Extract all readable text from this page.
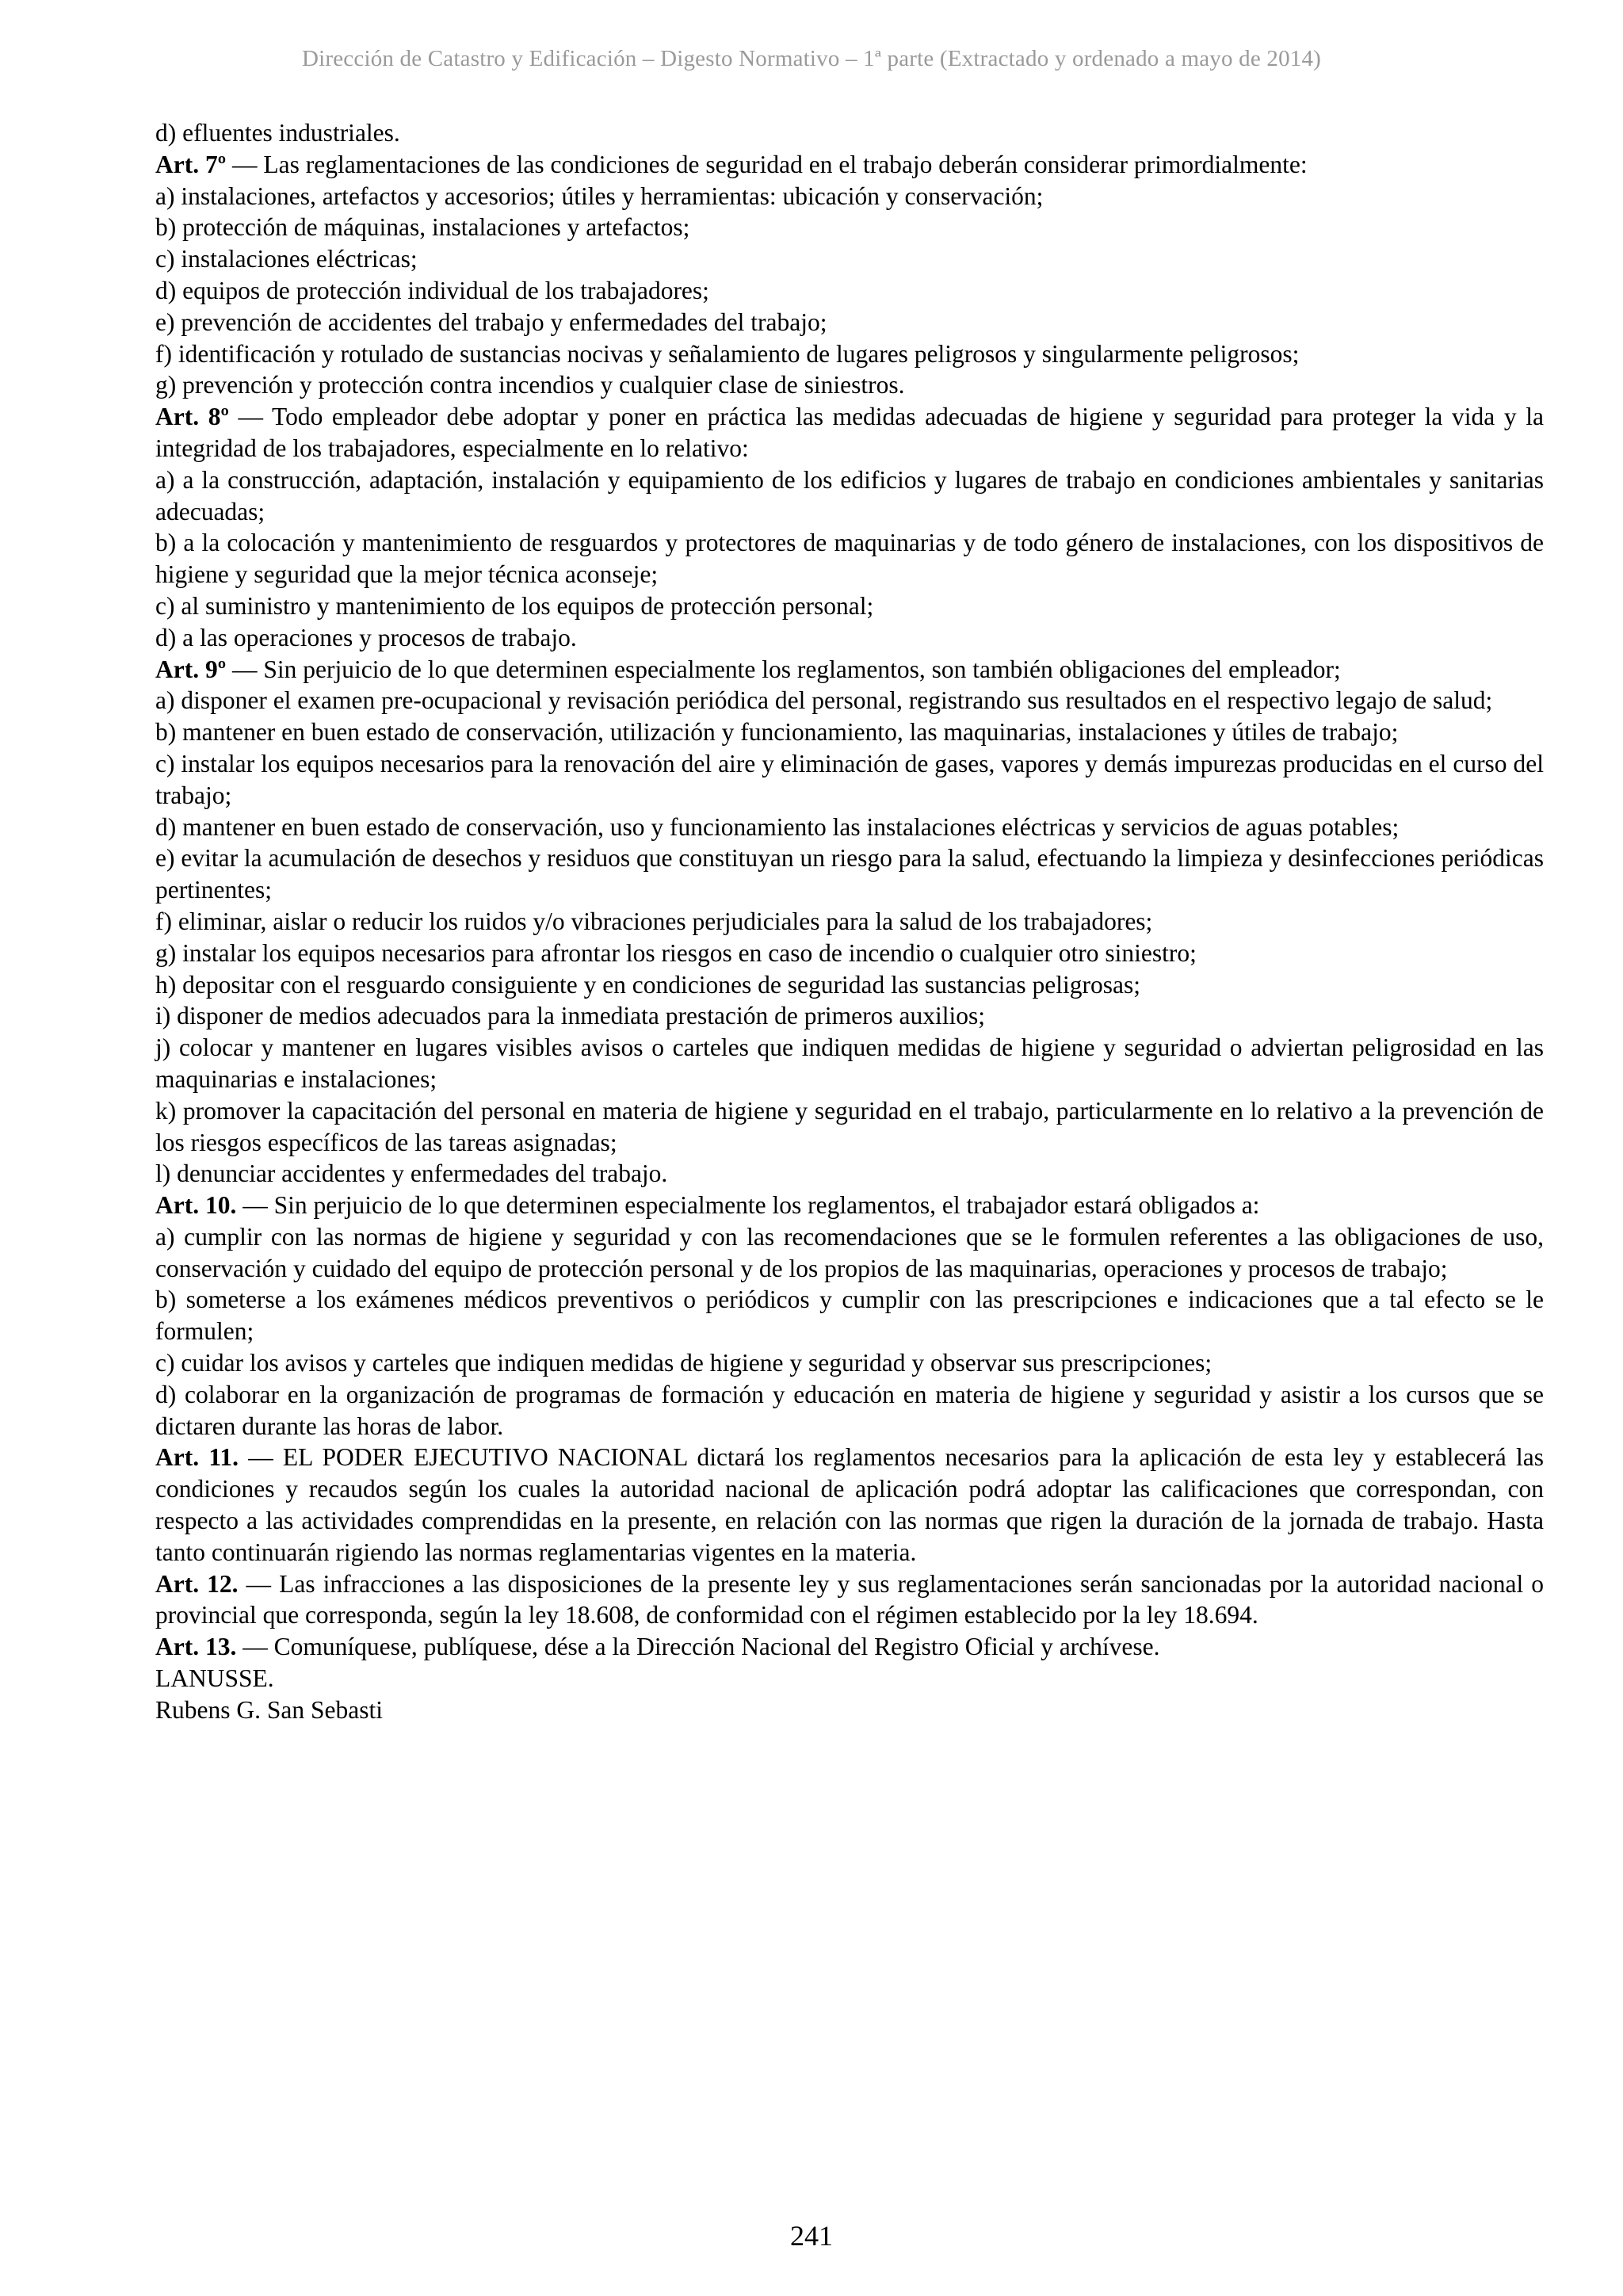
Dirección de Catastro y Edificación – Digesto Normativo – 1ª parte (Extractado y ordenado a mayo de 2014)

d) efluentes industriales.

Art. 7º — Las reglamentaciones de las condiciones de seguridad en el trabajo deberán considerar primordialmente:

a) instalaciones, artefactos y accesorios; útiles y herramientas: ubicación y conservación;

b) protección de máquinas, instalaciones y artefactos;

c) instalaciones eléctricas;

d) equipos de protección individual de los trabajadores;

e) prevención de accidentes del trabajo y enfermedades del trabajo;

f) identificación y rotulado de sustancias nocivas y señalamiento de lugares peligrosos y singularmente peligrosos;

g) prevención y protección contra incendios y cualquier clase de siniestros.

Art. 8º — Todo empleador debe adoptar y poner en práctica las medidas adecuadas de higiene y seguridad para proteger la vida y la integridad de los trabajadores, especialmente en lo relativo:

a) a la construcción, adaptación, instalación y equipamiento de los edificios y lugares de trabajo en condiciones ambientales y sanitarias adecuadas;

b) a la colocación y mantenimiento de resguardos y protectores de maquinarias y de todo género de instalaciones, con los dispositivos de higiene y seguridad que la mejor técnica aconseje;

c) al suministro y mantenimiento de los equipos de protección personal;

d) a las operaciones y procesos de trabajo.

Art. 9º — Sin perjuicio de lo que determinen especialmente los reglamentos, son también obligaciones del empleador;

a) disponer el examen pre-ocupacional y revisación periódica del personal, registrando sus resultados en el respectivo legajo de salud;

b) mantener en buen estado de conservación, utilización y funcionamiento, las maquinarias, instalaciones y útiles de trabajo;

c) instalar los equipos necesarios para la renovación del aire y eliminación de gases, vapores y demás impurezas producidas en el curso del trabajo;

d) mantener en buen estado de conservación, uso y funcionamiento las instalaciones eléctricas y servicios de aguas potables;

e) evitar la acumulación de desechos y residuos que constituyan un riesgo para la salud, efectuando la limpieza y desinfecciones periódicas pertinentes;

f) eliminar, aislar o reducir los ruidos y/o vibraciones perjudiciales para la salud de los trabajadores;

g) instalar los equipos necesarios para afrontar los riesgos en caso de incendio o cualquier otro siniestro;

h) depositar con el resguardo consiguiente y en condiciones de seguridad las sustancias peligrosas;

i) disponer de medios adecuados para la inmediata prestación de primeros auxilios;

j) colocar y mantener en lugares visibles avisos o carteles que indiquen medidas de higiene y seguridad o adviertan peligrosidad en las maquinarias e instalaciones;

k) promover la capacitación del personal en materia de higiene y seguridad en el trabajo, particularmente en lo relativo a la prevención de los riesgos específicos de las tareas asignadas;

l) denunciar accidentes y enfermedades del trabajo.

Art. 10. — Sin perjuicio de lo que determinen especialmente los reglamentos, el trabajador estará obligados a:

a) cumplir con las normas de higiene y seguridad y con las recomendaciones que se le formulen referentes a las obligaciones de uso, conservación y cuidado del equipo de protección personal y de los propios de las maquinarias, operaciones y procesos de trabajo;

b) someterse a los exámenes médicos preventivos o periódicos y cumplir con las prescripciones e indicaciones que a tal efecto se le formulen;

c) cuidar los avisos y carteles que indiquen medidas de higiene y seguridad y observar sus prescripciones;

d) colaborar en la organización de programas de formación y educación en materia de higiene y seguridad y asistir a los cursos que se dictaren durante las horas de labor.

Art. 11. — EL PODER EJECUTIVO NACIONAL dictará los reglamentos necesarios para la aplicación de esta ley y establecerá las condiciones y recaudos según los cuales la autoridad nacional de aplicación podrá adoptar las calificaciones que correspondan, con respecto a las actividades comprendidas en la presente, en relación con las normas que rigen la duración de la jornada de trabajo. Hasta tanto continuarán rigiendo las normas reglamentarias vigentes en la materia.

Art. 12. — Las infracciones a las disposiciones de la presente ley y sus reglamentaciones serán sancionadas por la autoridad nacional o provincial que corresponda, según la ley 18.608, de conformidad con el régimen establecido por la ley 18.694.

Art. 13. — Comuníquese, publíquese, dése a la Dirección Nacional del Registro Oficial y archívese.

LANUSSE.

Rubens G. San Sebasti

241
